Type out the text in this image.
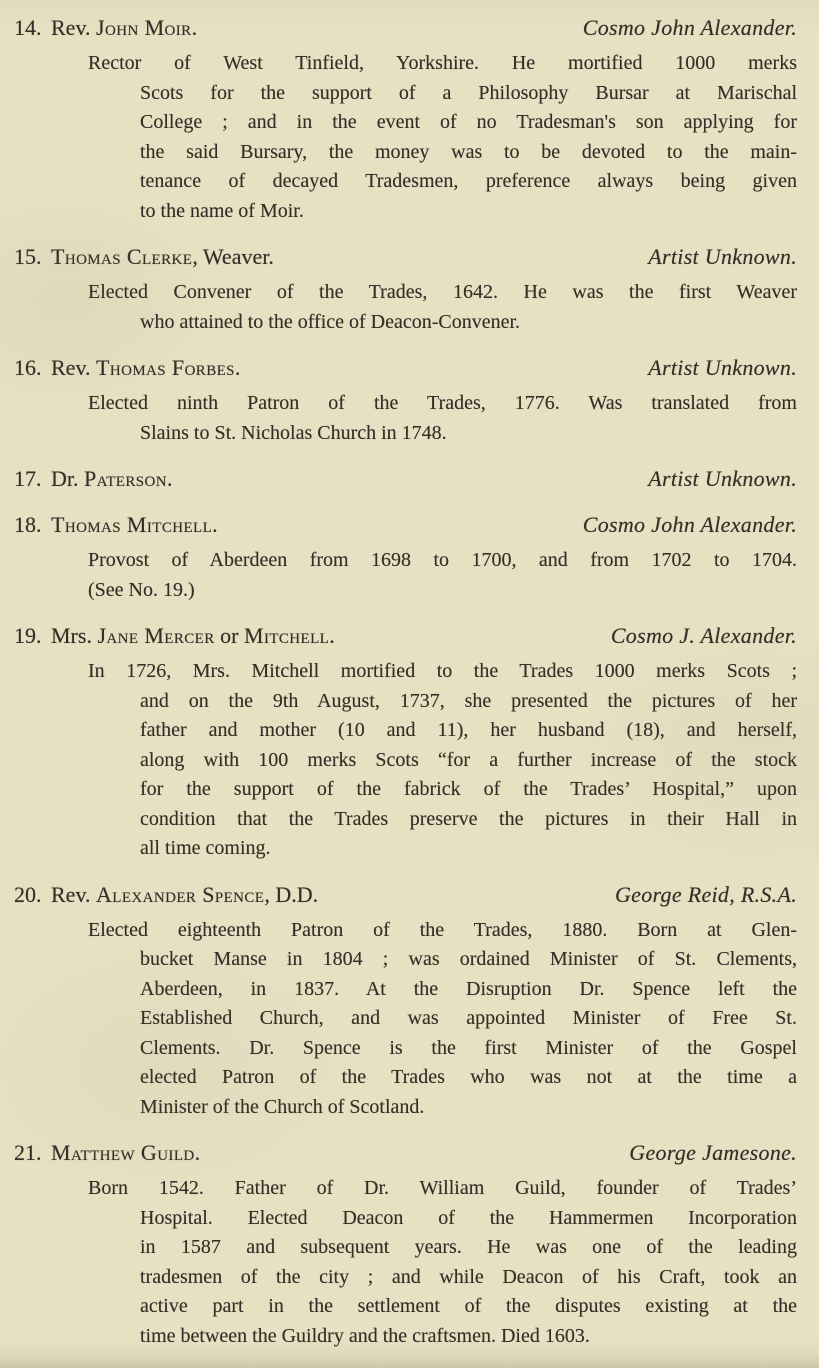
14. Rev. John Moir.	Cosmo John Alexander.
Rector of West Tinfield, Yorkshire. He mortified 1000 merks
Scots for the support of a Philosophy Bursar at Marischal
College ; and in the event of no Tradesman's son applying for
the said Bursary, the money was to be devoted to the main-
tenance of decayed Tradesmen, preference always being given
to the name of Moir.
15. Thomas Clerke, Weaver.	Artist Unknown.
Elected Convener of the Trades, 1642. He was the first Weaver
who attained to the office of Deacon-Convener.
16. Rev. Thomas Forbes.	Artist Unknown.
Elected ninth Patron of the Trades, 1776. Was translated from
Slains to St. Nicholas Church in 1748.
17. Dr. Paterson.	Artist Unknown.
18. Thomas Mitchell.	Cosmo John Alexander.
Provost of Aberdeen from 1698 to 1700, and from 1702 to 1704.
(See No. 19.)
19. Mrs. Jane Mercer or Mitchell.	Cosmo J. Alexander.
In 1726, Mrs. Mitchell mortified to the Trades 1000 merks Scots ;
and on the 9th August, 1737, she presented the pictures of her
father and mother (10 and 11), her husband (18), and herself,
along with 100 merks Scots “for a further increase of the stock
for the support of the fabrick of the Trades’ Hospital,” upon
condition that the Trades preserve the pictures in their Hall in
all time coming.
20. Rev. Alexander Spence, D.D.	George Reid, R.S.A.
Elected eighteenth Patron of the Trades, 1880. Born at Glen-
bucket Manse in 1804 ; was ordained Minister of St. Clements,
Aberdeen, in 1837. At the Disruption Dr. Spence left the
Established Church, and was appointed Minister of Free St.
Clements. Dr. Spence is the first Minister of the Gospel
elected Patron of the Trades who was not at the time a
Minister of the Church of Scotland.
21. Matthew Guild.	George Jamesone.
Born 1542. Father of Dr. William Guild, founder of Trades’
Hospital. Elected Deacon of the Hammermen Incorporation
in 1587 and subsequent years. He was one of the leading
tradesmen of the city ; and while Deacon of his Craft, took an
active part in the settlement of the disputes existing at the
time between the Guildry and the craftsmen. Died 1603.
